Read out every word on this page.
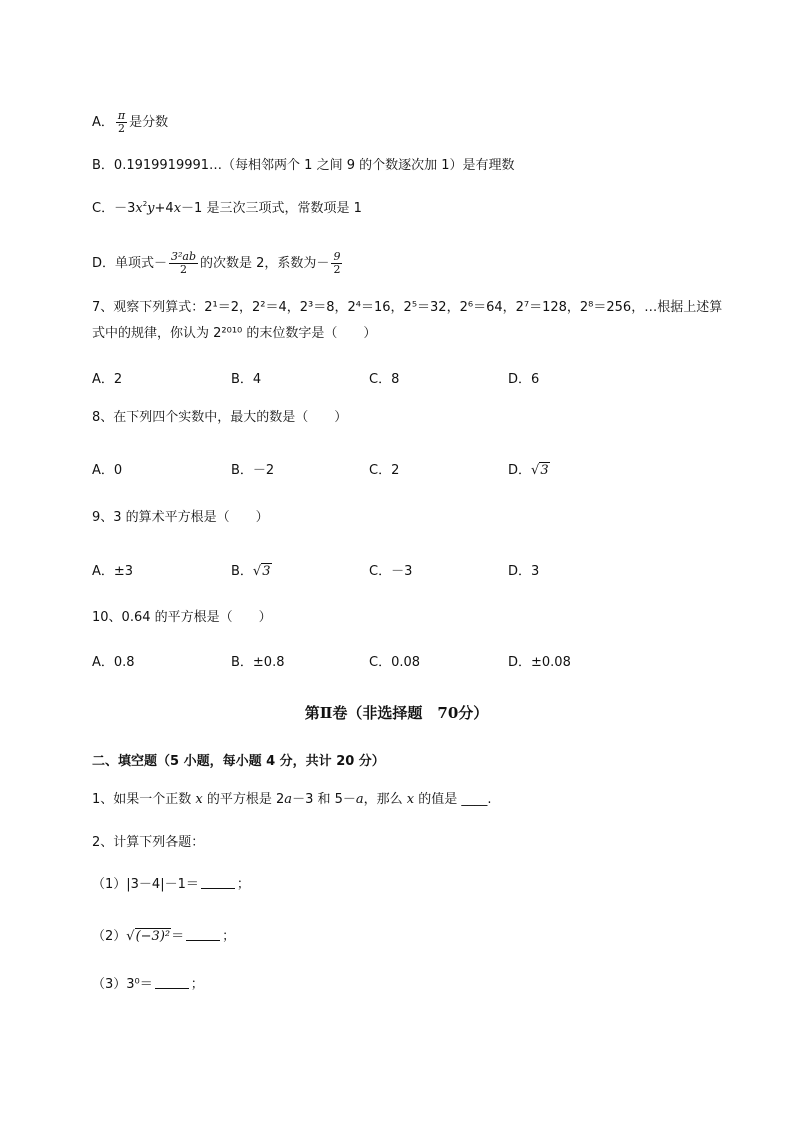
A． $\frac{\pi}{2}$ 是分数
B．0.1919919991…（每相邻两个 1 之间 9 的个数逐次加 1）是有理数
C．$-3x^2y+4x-1$ 是三次三项式，常数项是 1
D．单项式－ $\frac{\text{3²ab}}{2}$ 的次数是 2，系数为－ $\frac{9}{2}$
7、观察下列算式：2¹＝2，2²＝4，2³＝8，2⁴＝16，2⁵＝32，2⁶＝64，2⁷＝128，2⁸＝256，…根据上述算
式中的规律，你认为 2²⁰¹⁰ 的末位数字是（　　）
A．2	B．4	C．8	D．6
8、在下列四个实数中，最大的数是（　　）
A．0	B．－2	C．2	D．√3
9、3 的算术平方根是（　　）
A．±3	B．√3	C．－3	D．3
10、0.64 的平方根是（　　）
A．0.8	B．±0.8	C．0.08	D．±0.08
第Ⅱ卷（非选择题　70分）
二、填空题（5 小题，每小题 4 分，共计 20 分）
1、如果一个正数 x 的平方根是 2a－3 和 5－a，那么 x 的值是 ____.
2、计算下列各题：
（1）|3－4|－1＝	；
（2）√(−3)²＝	；
（3）3⁰＝	；
